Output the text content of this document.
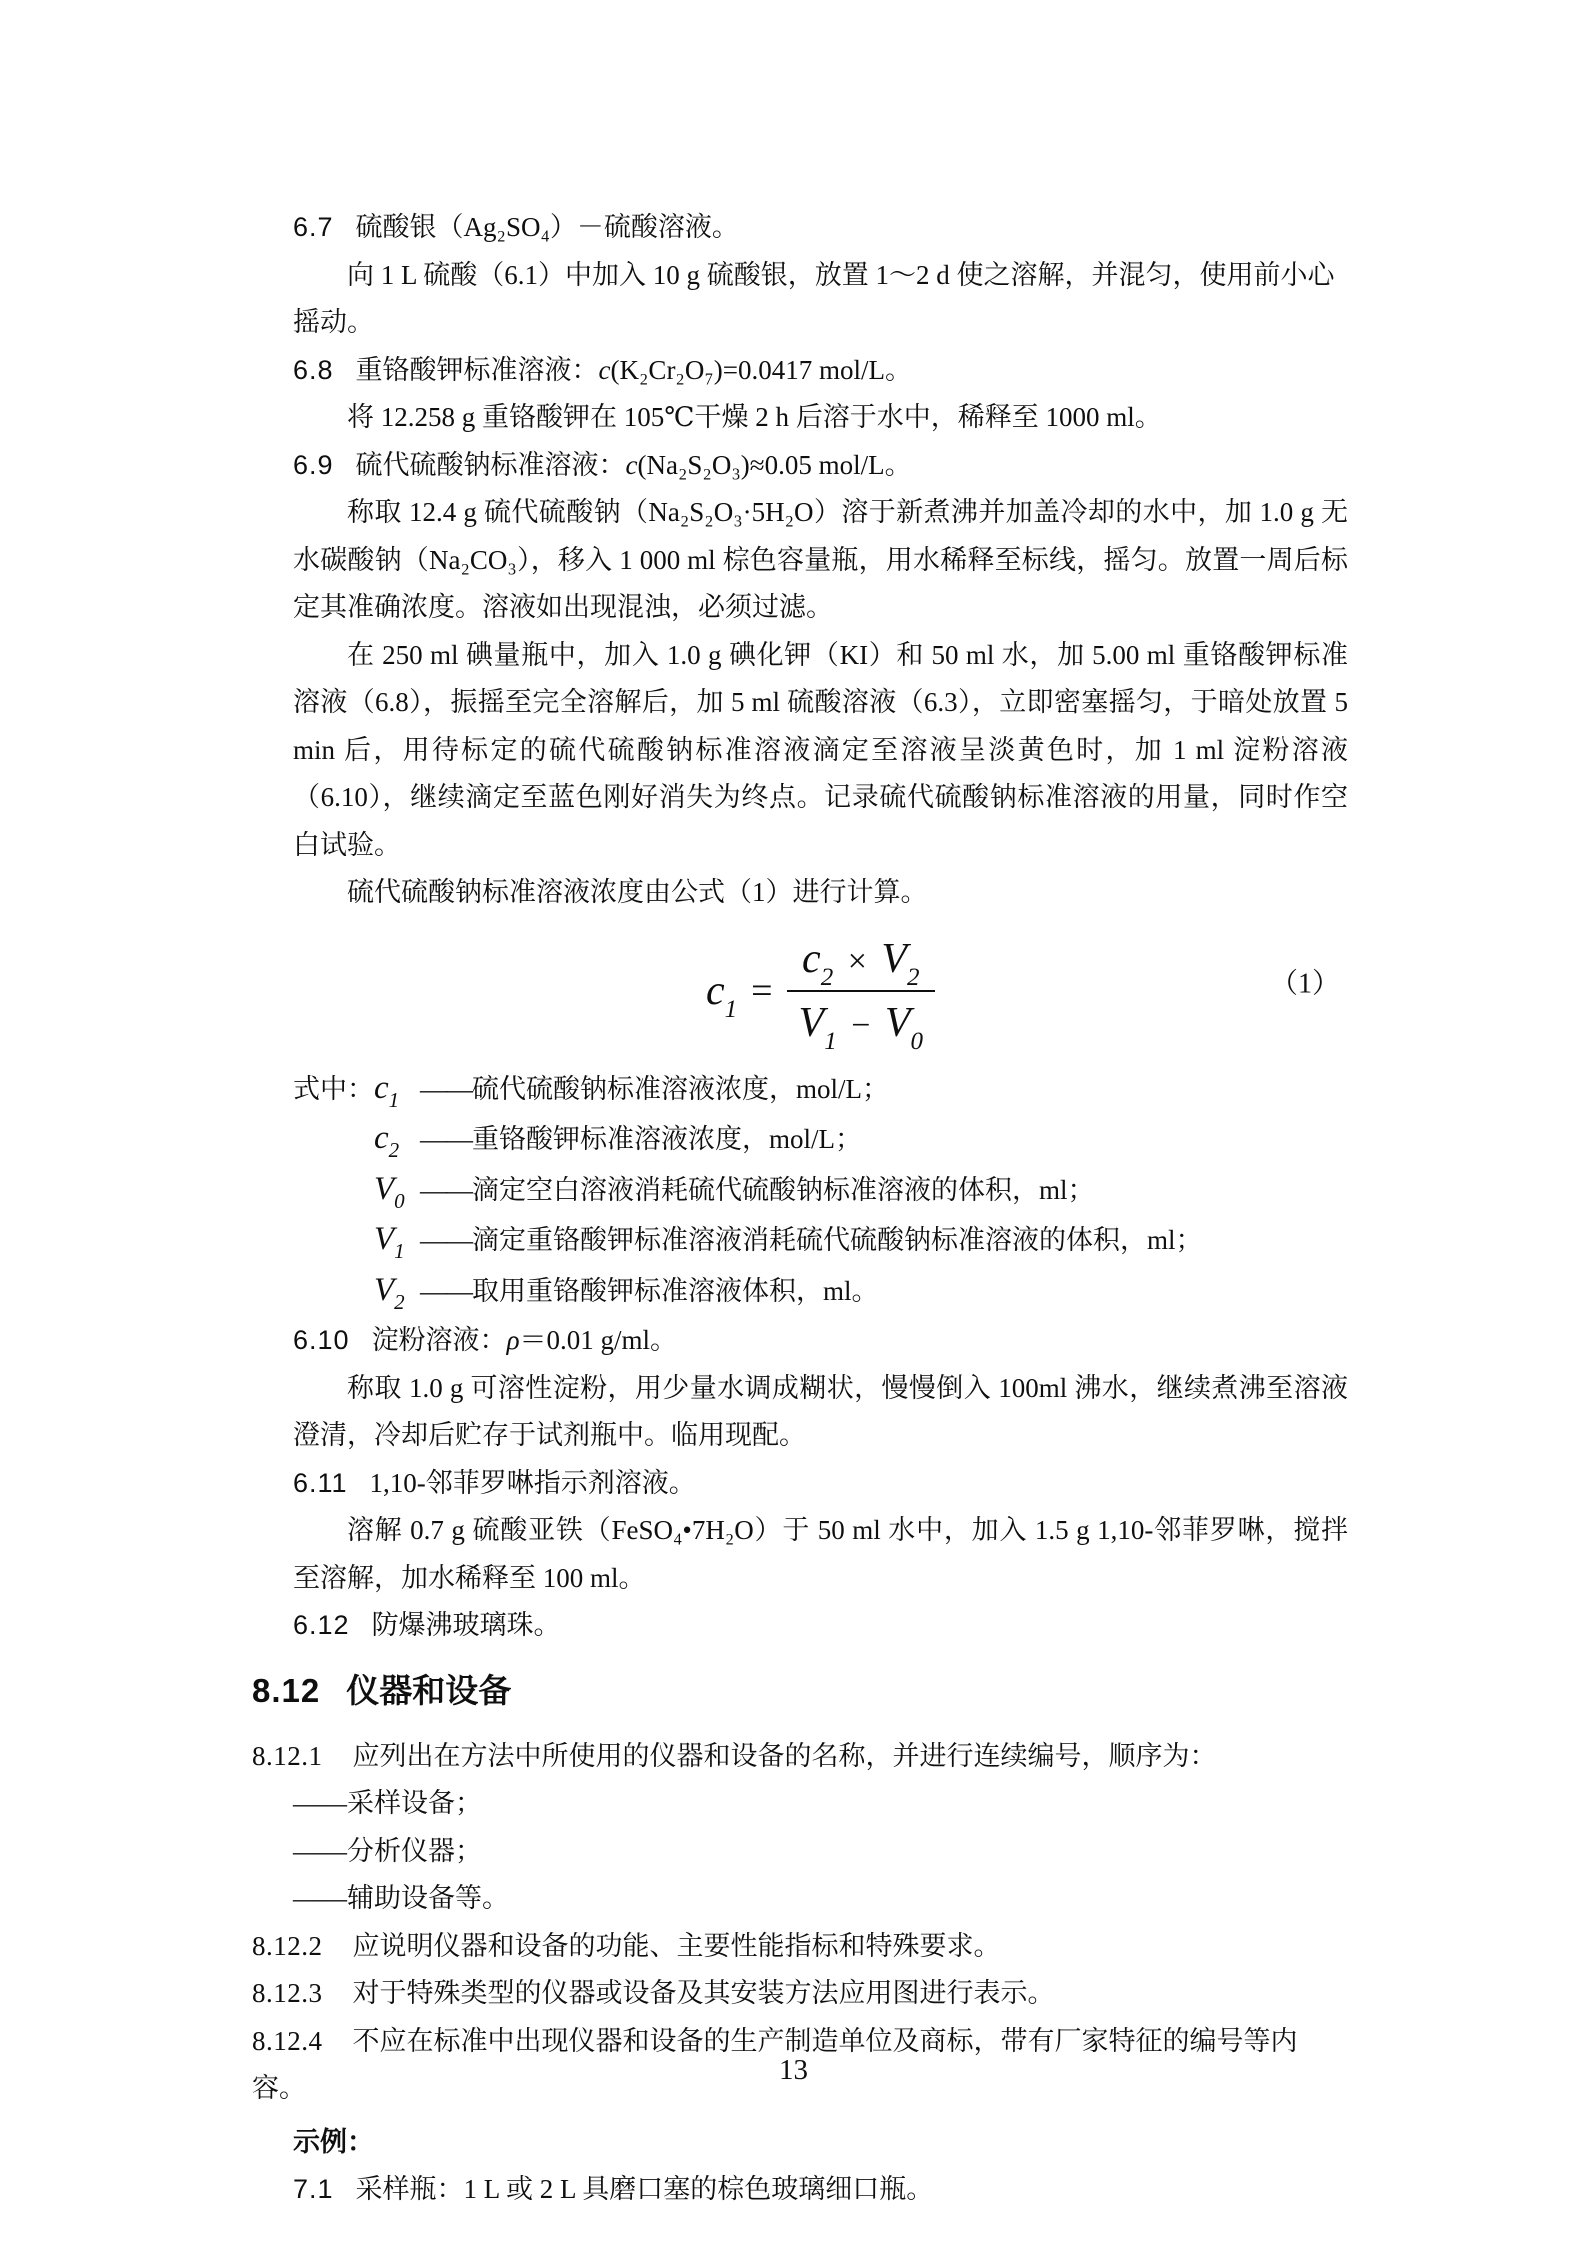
6.7 硫酸银（Ag₂SO₄）－硫酸溶液。
向 1 L 硫酸（6.1）中加入 10 g 硫酸银，放置 1～2 d 使之溶解，并混匀，使用前小心摇动。
6.8 重铬酸钾标准溶液：c(K₂Cr₂O₇)=0.0417 mol/L。
将 12.258 g 重铬酸钾在 105℃干燥 2 h 后溶于水中，稀释至 1000 ml。
6.9 硫代硫酸钠标准溶液：c(Na₂S₂O₃)≈0.05 mol/L。
称取 12.4 g 硫代硫酸钠（Na₂S₂O₃·5H₂O）溶于新煮沸并加盖冷却的水中，加 1.0 g 无水碳酸钠（Na₂CO₃），移入 1 000 ml 棕色容量瓶，用水稀释至标线，摇匀。放置一周后标定其准确浓度。溶液如出现混浊，必须过滤。
在 250 ml 碘量瓶中，加入 1.0 g 碘化钾（KI）和 50 ml 水，加 5.00 ml 重铬酸钾标准溶液（6.8），振摇至完全溶解后，加 5 ml 硫酸溶液（6.3），立即密塞摇匀，于暗处放置 5 min 后，用待标定的硫代硫酸钠标准溶液滴定至溶液呈淡黄色时，加 1 ml 淀粉溶液（6.10），继续滴定至蓝色刚好消失为终点。记录硫代硫酸钠标准溶液的用量，同时作空白试验。
硫代硫酸钠标准溶液浓度由公式（1）进行计算。
$c_1 = \frac{c_2 \times V_2}{V_1 - V_0}$	（1）
式中：$c_1$ ——硫代硫酸钠标准溶液浓度，mol/L；
$c_2$ ——重铬酸钾标准溶液浓度，mol/L；
$V_0$ ——滴定空白溶液消耗硫代硫酸钠标准溶液的体积，ml；
$V_1$ ——滴定重铬酸钾标准溶液消耗硫代硫酸钠标准溶液的体积，ml；
$V_2$ ——取用重铬酸钾标准溶液体积，ml。
6.10 淀粉溶液：ρ＝0.01 g/ml。
称取 1.0 g 可溶性淀粉，用少量水调成糊状，慢慢倒入 100ml 沸水，继续煮沸至溶液澄清，冷却后贮存于试剂瓶中。临用现配。
6.11 1,10-邻菲罗啉指示剂溶液。
溶解 0.7 g 硫酸亚铁（FeSO₄•7H₂O）于 50 ml 水中，加入 1.5 g 1,10-邻菲罗啉，搅拌至溶解，加水稀释至 100 ml。
6.12 防爆沸玻璃珠。
8.12 仪器和设备
8.12.1 应列出在方法中所使用的仪器和设备的名称，并进行连续编号，顺序为：
——采样设备；
——分析仪器；
——辅助设备等。
8.12.2 应说明仪器和设备的功能、主要性能指标和特殊要求。
8.12.3 对于特殊类型的仪器或设备及其安装方法应用图进行表示。
8.12.4 不应在标准中出现仪器和设备的生产制造单位及商标，带有厂家特征的编号等内容。
示例：
7.1 采样瓶：1 L 或 2 L 具磨口塞的棕色玻璃细口瓶。
13
